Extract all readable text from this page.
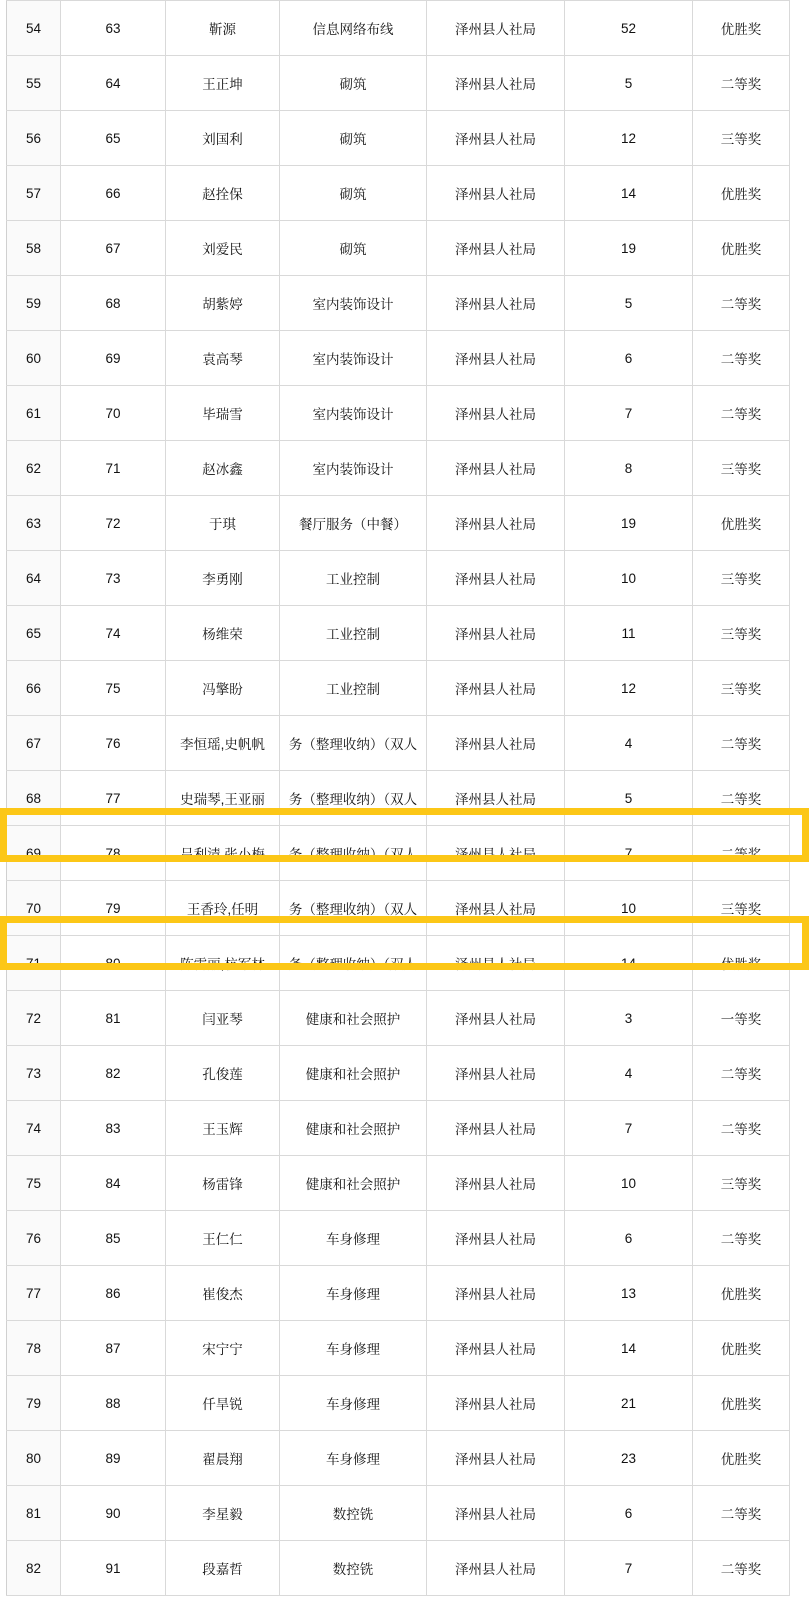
54	63	靳源	信息网络布线	泽州县人社局	52	优胜奖
55	64	王正坤	砌筑	泽州县人社局	5	二等奖
56	65	刘国利	砌筑	泽州县人社局	12	三等奖
57	66	赵拴保	砌筑	泽州县人社局	14	优胜奖
58	67	刘爱民	砌筑	泽州县人社局	19	优胜奖
59	68	胡紫婷	室内装饰设计	泽州县人社局	5	二等奖
60	69	袁高琴	室内装饰设计	泽州县人社局	6	二等奖
61	70	毕瑞雪	室内装饰设计	泽州县人社局	7	二等奖
62	71	赵冰鑫	室内装饰设计	泽州县人社局	8	三等奖
63	72	于琪	餐厅服务（中餐）	泽州县人社局	19	优胜奖
64	73	李勇刚	工业控制	泽州县人社局	10	三等奖
65	74	杨维荣	工业控制	泽州县人社局	11	三等奖
66	75	冯擎盼	工业控制	泽州县人社局	12	三等奖
67	76	李恒瑶,史帆帆	务（整理收纳）（双人	泽州县人社局	4	二等奖
68	77	史瑞琴,王亚丽	务（整理收纳）（双人	泽州县人社局	5	二等奖
69	78	吕利清,张小梅	务（整理收纳）（双人	泽州县人社局	7	二等奖
70	79	王香玲,任明	务（整理收纳）（双人	泽州县人社局	10	三等奖
71	80	陈雷丽,杭军林	务（整理收纳）（双人	泽州县人社局	14	优胜奖
72	81	闫亚琴	健康和社会照护	泽州县人社局	3	一等奖
73	82	孔俊莲	健康和社会照护	泽州县人社局	4	二等奖
74	83	王玉辉	健康和社会照护	泽州县人社局	7	二等奖
75	84	杨雷锋	健康和社会照护	泽州县人社局	10	三等奖
76	85	王仁仁	车身修理	泽州县人社局	6	二等奖
77	86	崔俊杰	车身修理	泽州县人社局	13	优胜奖
78	87	宋宁宁	车身修理	泽州县人社局	14	优胜奖
79	88	仟旱锐	车身修理	泽州县人社局	21	优胜奖
80	89	翟晨翔	车身修理	泽州县人社局	23	优胜奖
81	90	李星毅	数控铣	泽州县人社局	6	二等奖
82	91	段嘉哲	数控铣	泽州县人社局	7	二等奖
